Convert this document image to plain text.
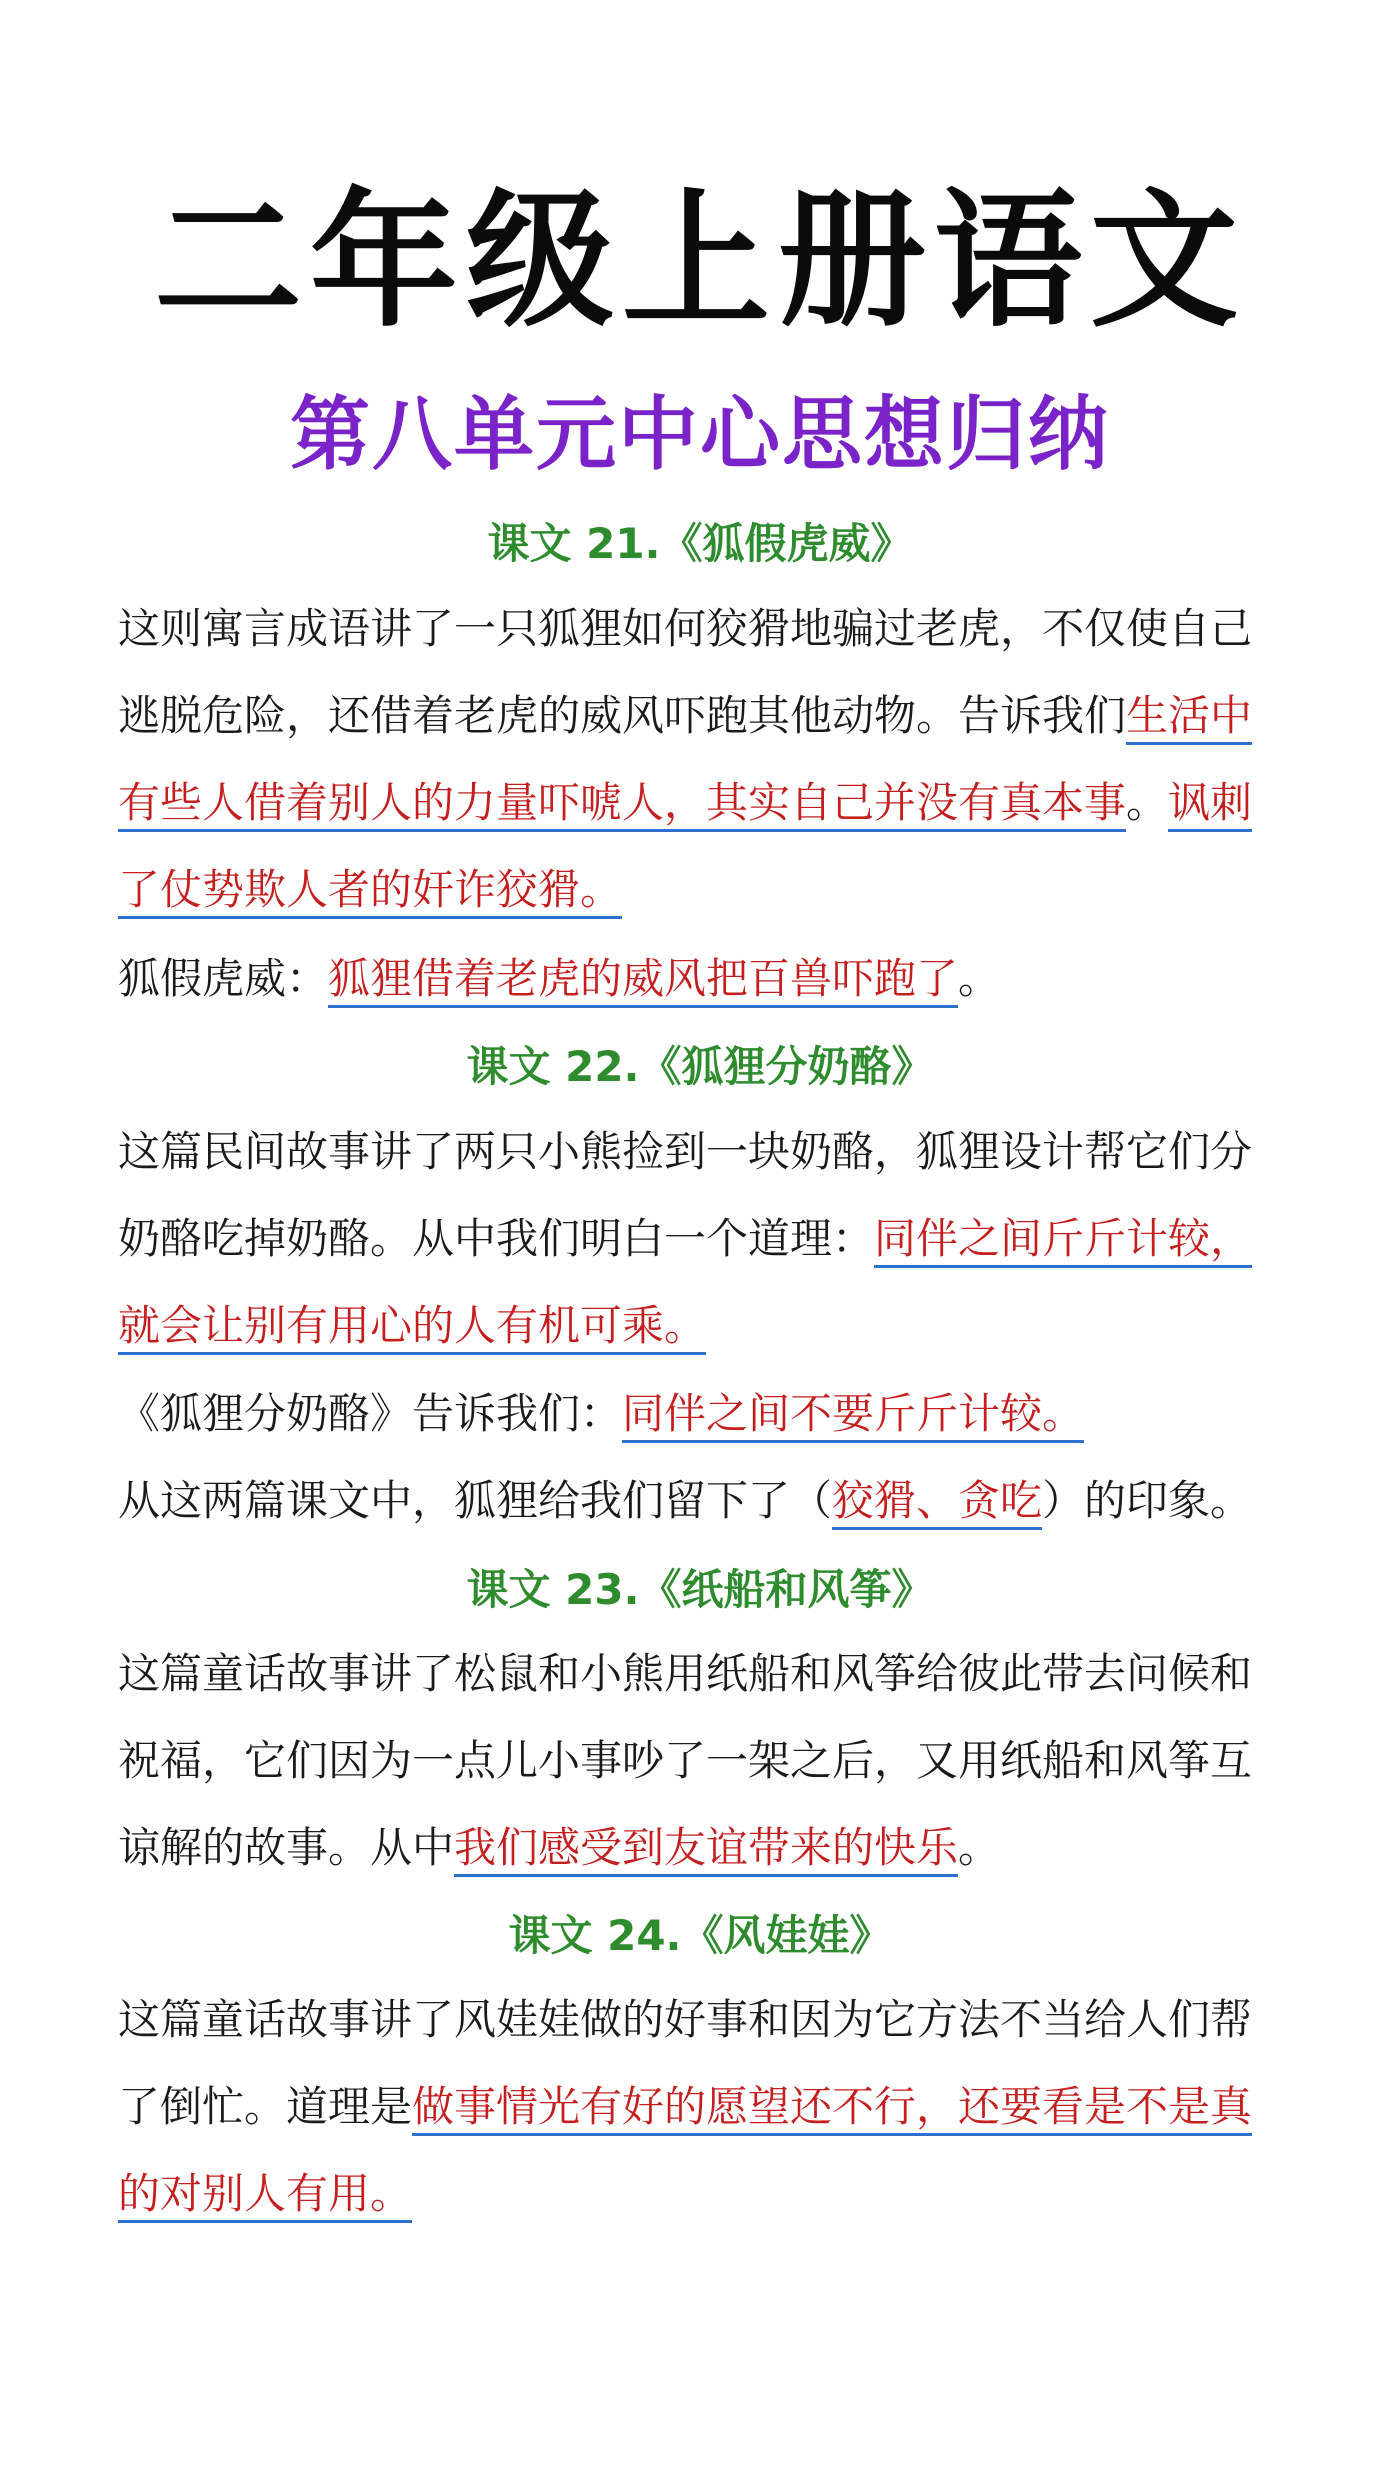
二年级上册语文
第八单元中心思想归纳
课文 21.《狐假虎威》
这则寓言成语讲了一只狐狸如何狡猾地骗过老虎，不仅使自己逃脱危险，还借着老虎的威风吓跑其他动物。告诉我们生活中有些人借着别人的力量吓唬人，其实自己并没有真本事。讽刺了仗势欺人者的奸诈狡猾。
狐假虎威：狐狸借着老虎的威风把百兽吓跑了。
课文 22.《狐狸分奶酪》
这篇民间故事讲了两只小熊捡到一块奶酪，狐狸设计帮它们分奶酪吃掉奶酪。从中我们明白一个道理：同伴之间斤斤计较，就会让别有用心的人有机可乘。
《狐狸分奶酪》告诉我们：同伴之间不要斤斤计较。
从这两篇课文中，狐狸给我们留下了（狡猾、贪吃）的印象。
课文 23.《纸船和风筝》
这篇童话故事讲了松鼠和小熊用纸船和风筝给彼此带去问候和祝福，它们因为一点儿小事吵了一架之后，又用纸船和风筝互谅解的故事。从中我们感受到友谊带来的快乐。
课文 24.《风娃娃》
这篇童话故事讲了风娃娃做的好事和因为它方法不当给人们帮了倒忙。道理是做事情光有好的愿望还不行，还要看是不是真的对别人有用。
